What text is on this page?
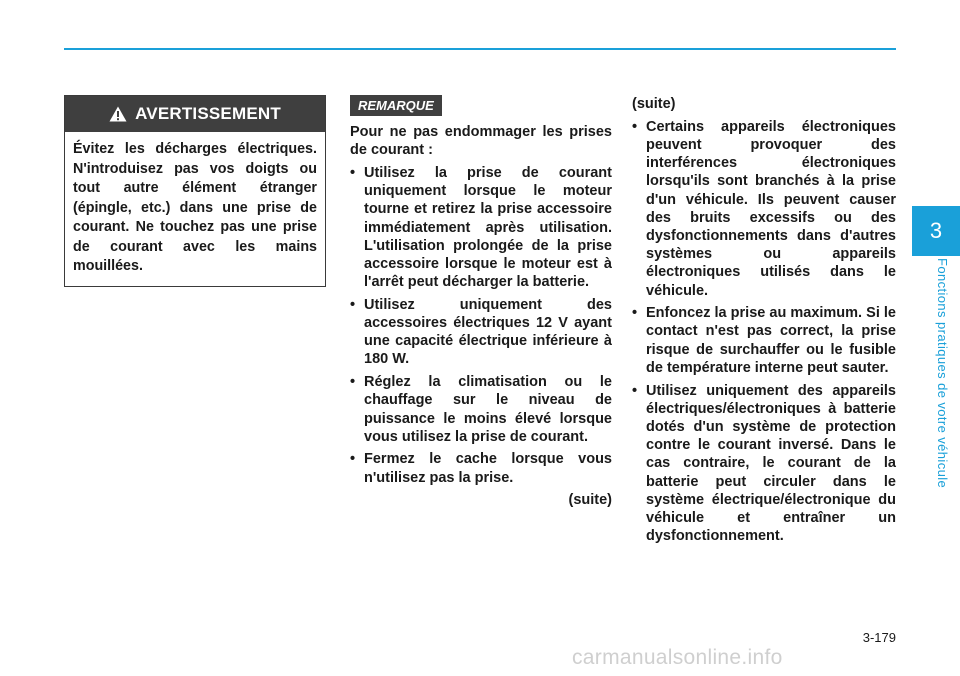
3
Fonctions pratiques de votre véhicule
AVERTISSEMENT
Évitez les décharges électriques. N'introduisez pas vos doigts ou tout autre élément étranger (épingle, etc.) dans une prise de courant. Ne touchez pas une prise de courant avec les mains mouillées.
REMARQUE

Pour ne pas endommager les prises de courant :

• Utilisez la prise de courant uniquement lorsque le moteur tourne et retirez la prise accessoire immédiatement après utilisation. L'utilisation prolongée de la prise accessoire lorsque le moteur est à l'arrêt peut décharger la batterie.
• Utilisez uniquement des accessoires électriques 12 V ayant une capacité électrique inférieure à 180 W.
• Réglez la climatisation ou le chauffage sur le niveau de puissance le moins élevé lorsque vous utilisez la prise de courant.
• Fermez le cache lorsque vous n'utilisez pas la prise.

(suite)

(suite)

• Certains appareils électroniques peuvent provoquer des interférences électroniques lorsqu'ils sont branchés à la prise d'un véhicule. Ils peuvent causer des bruits excessifs ou des dysfonctionnements dans d'autres systèmes ou appareils électroniques utilisés dans le véhicule.
• Enfoncez la prise au maximum. Si le contact n'est pas correct, la prise risque de surchauffer ou le fusible de température interne peut sauter.
• Utilisez uniquement des appareils électriques/électroniques à batterie dotés d'un système de protection contre le courant inversé. Dans le cas contraire, le courant de la batterie peut circuler dans le système électrique/électronique du véhicule et entraîner un dysfonctionnement.
3-179
carmanualsonline.info
